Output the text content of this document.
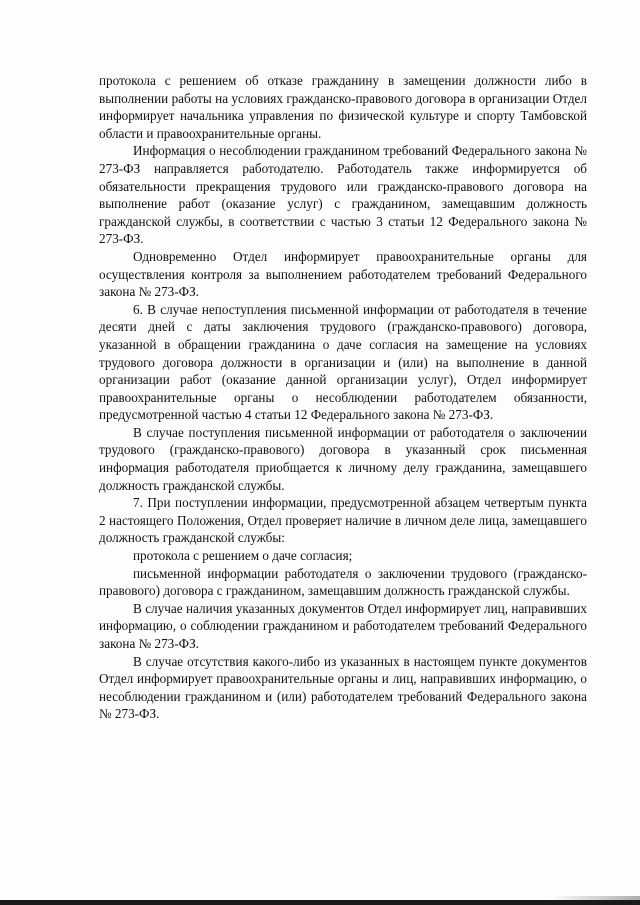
протокола с решением об отказе гражданину в замещении должности либо в выполнении работы на условиях гражданско-правового договора в организации Отдел информирует начальника управления по физической культуре и спорту Тамбовской области и правоохранительные органы.

Информация о несоблюдении гражданином требований Федерального закона № 273-ФЗ направляется работодателю. Работодатель также информируется об обязательности прекращения трудового или гражданско-правового договора на выполнение работ (оказание услуг) с гражданином, замещавшим должность гражданской службы, в соответствии с частью 3 статьи 12 Федерального закона № 273-ФЗ.

Одновременно Отдел информирует правоохранительные органы для осуществления контроля за выполнением работодателем требований Федерального закона № 273-ФЗ.

6. В случае непоступления письменной информации от работодателя в течение десяти дней с даты заключения трудового (гражданско-правового) договора, указанной в обращении гражданина о даче согласия на замещение на условиях трудового договора должности в организации и (или) на выполнение в данной организации работ (оказание данной организации услуг), Отдел информирует правоохранительные органы о несоблюдении работодателем обязанности, предусмотренной частью 4 статьи 12 Федерального закона № 273-ФЗ.

В случае поступления письменной информации от работодателя о заключении трудового (гражданско-правового) договора в указанный срок письменная информация работодателя приобщается к личному делу гражданина, замещавшего должность гражданской службы.

7. При поступлении информации, предусмотренной абзацем четвертым пункта 2 настоящего Положения, Отдел проверяет наличие в личном деле лица, замещавшего должность гражданской службы:

протокола с решением о даче согласия;

письменной информации работодателя о заключении трудового (гражданско-правового) договора с гражданином, замещавшим должность гражданской службы.

В случае наличия указанных документов Отдел информирует лиц, направивших информацию, о соблюдении гражданином и работодателем требований Федерального закона № 273-ФЗ.

В случае отсутствия какого-либо из указанных в настоящем пункте документов Отдел информирует правоохранительные органы и лиц, направивших информацию, о несоблюдении гражданином и (или) работодателем требований Федерального закона № 273-ФЗ.
